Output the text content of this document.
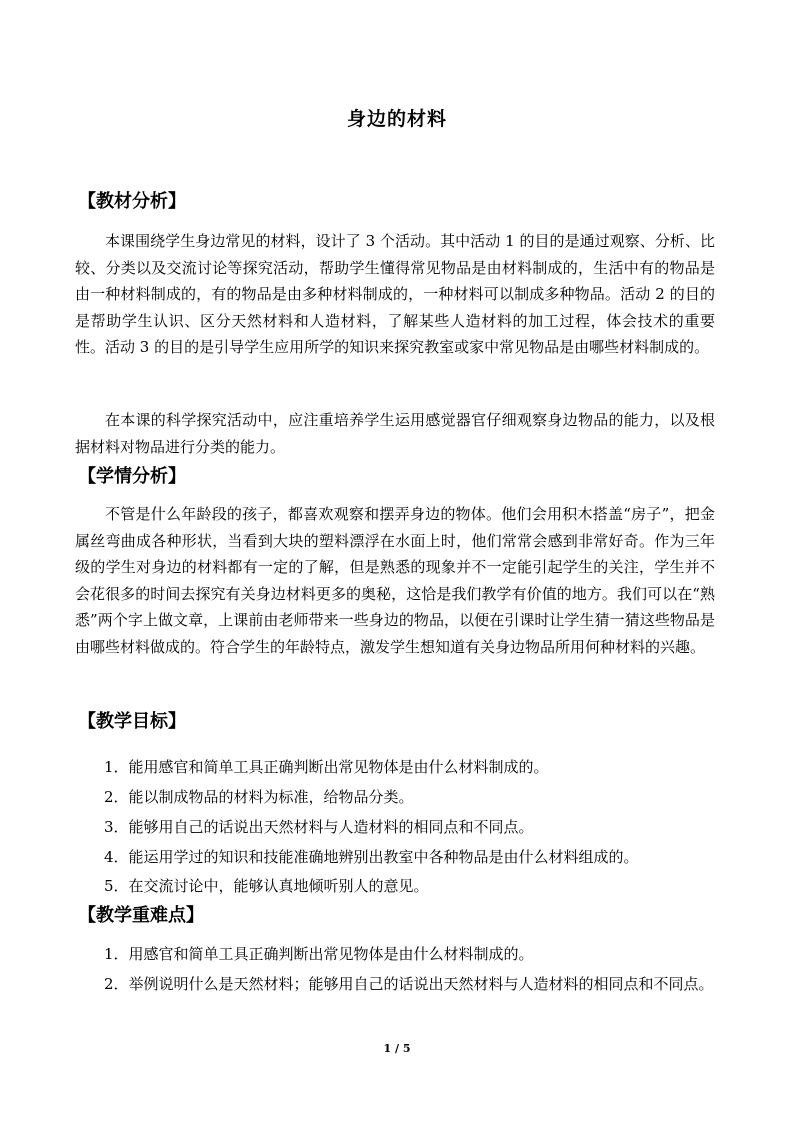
身边的材料
【教材分析】

本课围绕学生身边常见的材料，设计了 3 个活动。其中活动 1 的目的是通过观察、分析、比较、分类以及交流讨论等探究活动，帮助学生懂得常见物品是由材料制成的，生活中有的物品是由一种材料制成的，有的物品是由多种材料制成的，一种材料可以制成多种物品。活动 2 的目的是帮助学生认识、区分天然材料和人造材料，了解某些人造材料的加工过程，体会技术的重要性。活动 3 的目的是引导学生应用所学的知识来探究教室或家中常见物品是由哪些材料制成的。

在本课的科学探究活动中，应注重培养学生运用感觉器官仔细观察身边物品的能力，以及根据材料对物品进行分类的能力。

【学情分析】

不管是什么年龄段的孩子，都喜欢观察和摆弄身边的物体。他们会用积木搭盖“房子”，把金属丝弯曲成各种形状，当看到大块的塑料漂浮在水面上时，他们常常会感到非常好奇。作为三年级的学生对身边的材料都有一定的了解，但是熟悉的现象并不一定能引起学生的关注，学生并不会花很多的时间去探究有关身边材料更多的奥秘，这恰是我们教学有价值的地方。我们可以在“熟悉”两个字上做文章，上课前由老师带来一些身边的物品，以便在引课时让学生猜一猜这些物品是由哪些材料做成的。符合学生的年龄特点，激发学生想知道有关身边物品所用何种材料的兴趣。

【教学目标】

1．能用感官和简单工具正确判断出常见物体是由什么材料制成的。

2．能以制成物品的材料为标准，给物品分类。

3．能够用自己的话说出天然材料与人造材料的相同点和不同点。

4．能运用学过的知识和技能准确地辨别出教室中各种物品是由什么材料组成的。

5．在交流讨论中，能够认真地倾听别人的意见。

【教学重难点】

1．用感官和简单工具正确判断出常见物体是由什么材料制成的。

2．举例说明什么是天然材料；能够用自己的话说出天然材料与人造材料的相同点和不同点。

1 / 5
